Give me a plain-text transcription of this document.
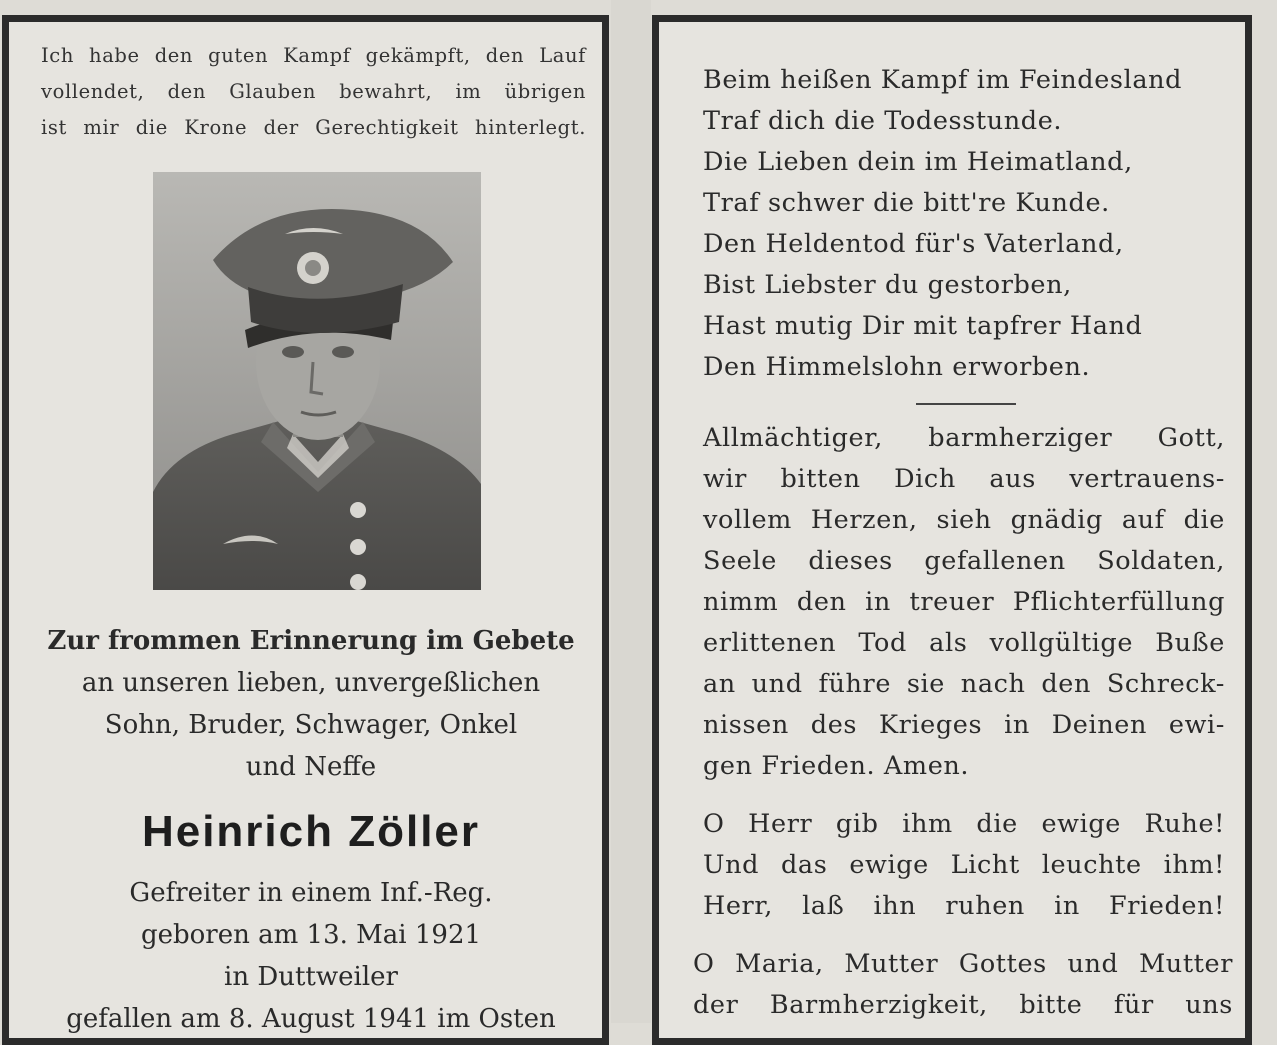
Ich habe den guten Kampf gekämpft, den Lauf
vollendet, den Glauben bewahrt, im übrigen
ist mir die Krone der Gerechtigkeit hinterlegt.
Zur frommen Erinnerung im Gebete
an unseren lieben, unvergeßlichen
Sohn, Bruder, Schwager, Onkel
und Neffe
Heinrich Zöller
Gefreiter in einem Inf.-Reg.
geboren am 13. Mai 1921
in Duttweiler
gefallen am 8. August 1941 im Osten
Beim heißen Kampf im Feindesland
Traf dich die Todesstunde.
Die Lieben dein im Heimatland,
Traf schwer die bitt're Kunde.
Den Heldentod für's Vaterland,
Bist Liebster du gestorben,
Hast mutig Dir mit tapfrer Hand
Den Himmelslohn erworben.
Allmächtiger, barmherziger Gott,
wir bitten Dich aus vertrauens-
vollem Herzen, sieh gnädig auf die
Seele dieses gefallenen Soldaten,
nimm den in treuer Pflichterfüllung
erlittenen Tod als vollgültige Buße
an und führe sie nach den Schreck-
nissen des Krieges in Deinen ewi-
gen Frieden. Amen.
O Herr gib ihm die ewige Ruhe!
Und das ewige Licht leuchte ihm!
Herr, laß ihn ruhen in Frieden!
O Maria, Mutter Gottes und Mutter
der Barmherzigkeit, bitte für uns
